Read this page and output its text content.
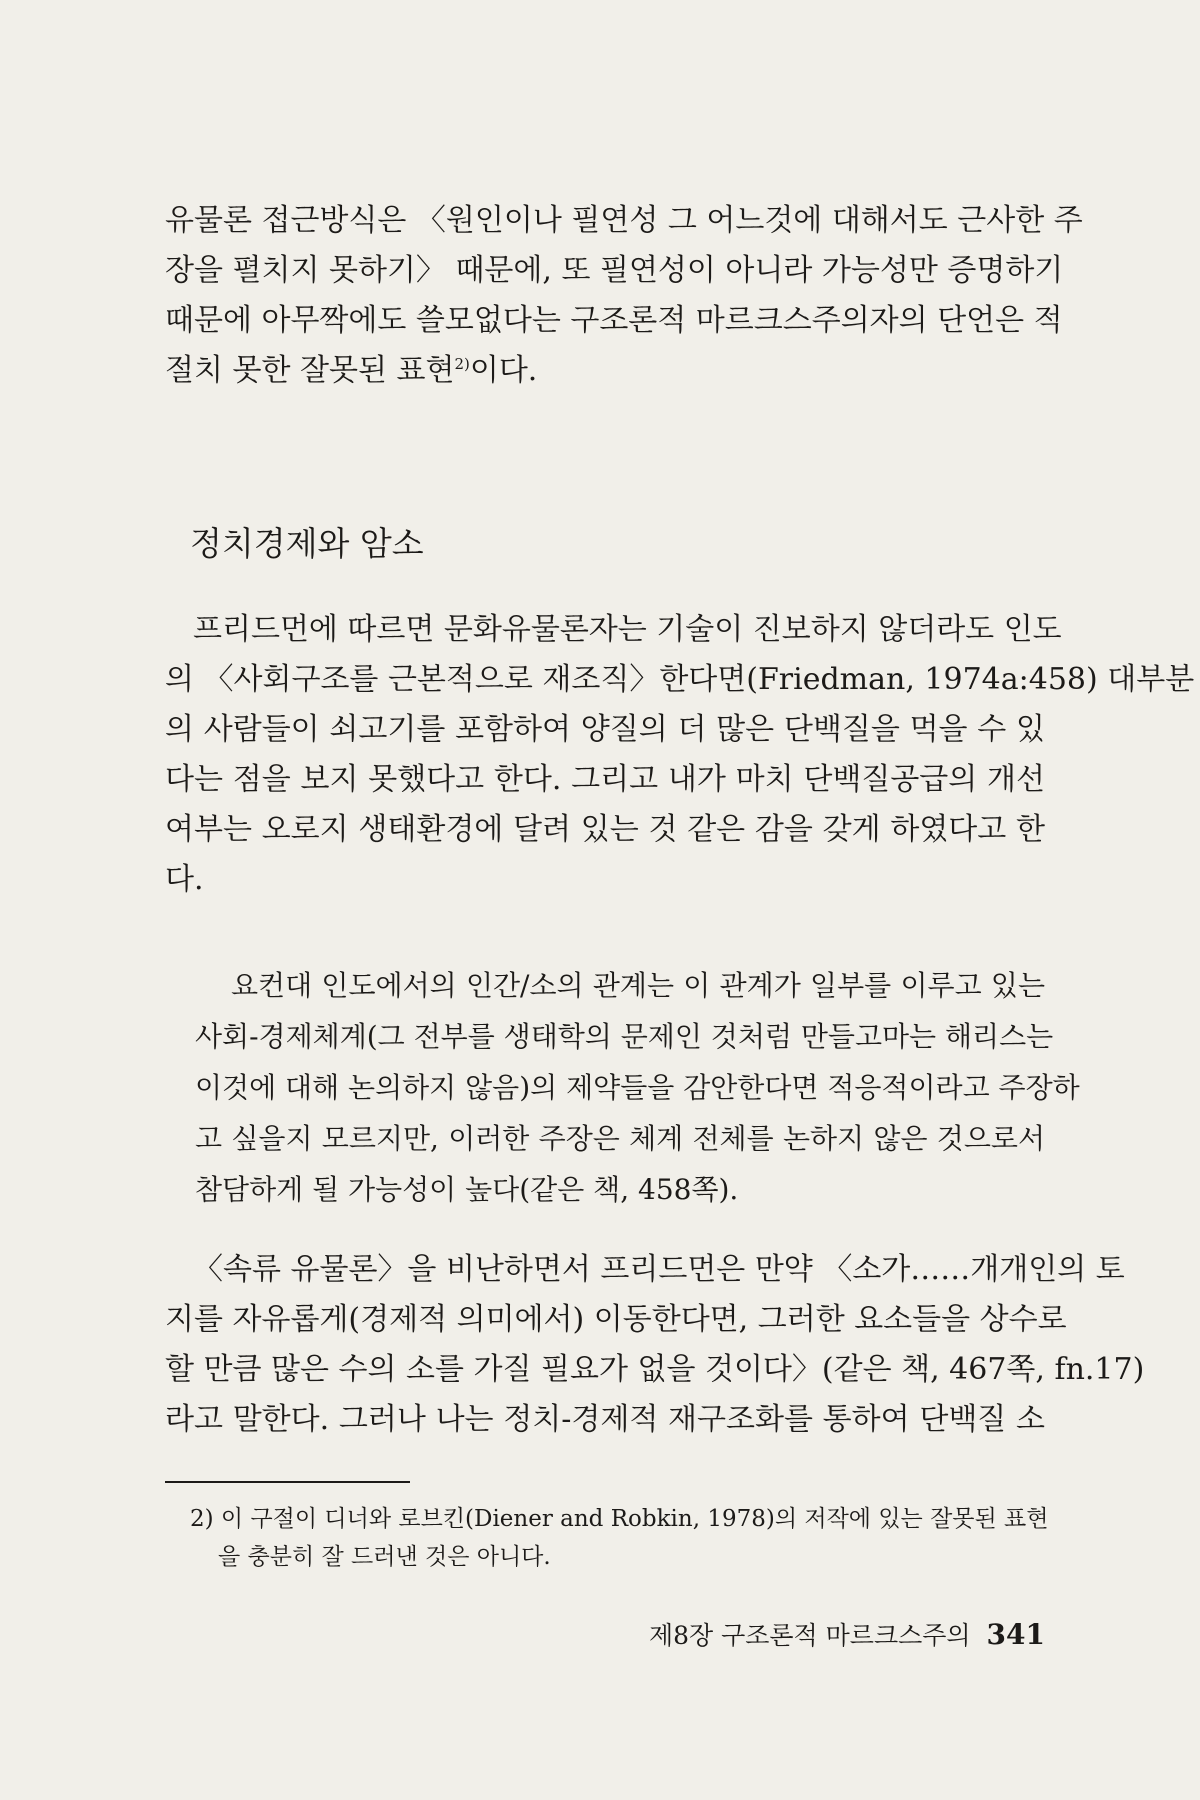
유물론 접근방식은 〈원인이나 필연성 그 어느것에 대해서도 근사한 주
장을 펼치지 못하기〉 때문에, 또 필연성이 아니라 가능성만 증명하기
때문에 아무짝에도 쓸모없다는 구조론적 마르크스주의자의 단언은 적
절치 못한 잘못된 표현$^{2)}$이다.
정치경제와 암소
프리드먼에 따르면 문화유물론자는 기술이 진보하지 않더라도 인도
의 〈사회구조를 근본적으로 재조직〉한다면(Friedman, 1974a:458) 대부분
의 사람들이 쇠고기를 포함하여 양질의 더 많은 단백질을 먹을 수 있
다는 점을 보지 못했다고 한다. 그리고 내가 마치 단백질공급의 개선
여부는 오로지 생태환경에 달려 있는 것 같은 감을 갖게 하였다고 한
다.
요컨대 인도에서의 인간/소의 관계는 이 관계가 일부를 이루고 있는
사회-경제체계(그 전부를 생태학의 문제인 것처럼 만들고마는 해리스는
이것에 대해 논의하지 않음)의 제약들을 감안한다면 적응적이라고 주장하
고 싶을지 모르지만, 이러한 주장은 체계 전체를 논하지 않은 것으로서
참담하게 될 가능성이 높다(같은 책, 458쪽).
〈속류 유물론〉을 비난하면서 프리드먼은 만약 〈소가……개개인의 토
지를 자유롭게(경제적 의미에서) 이동한다면, 그러한 요소들을 상수로
할 만큼 많은 수의 소를 가질 필요가 없을 것이다〉(같은 책, 467쪽, fn.17)
라고 말한다. 그러나 나는 정치-경제적 재구조화를 통하여 단백질 소
2) 이 구절이 디너와 로브킨(Diener and Robkin, 1978)의 저작에 있는 잘못된 표현
을 충분히 잘 드러낸 것은 아니다.
제8장 구조론적 마르크스주의 341
